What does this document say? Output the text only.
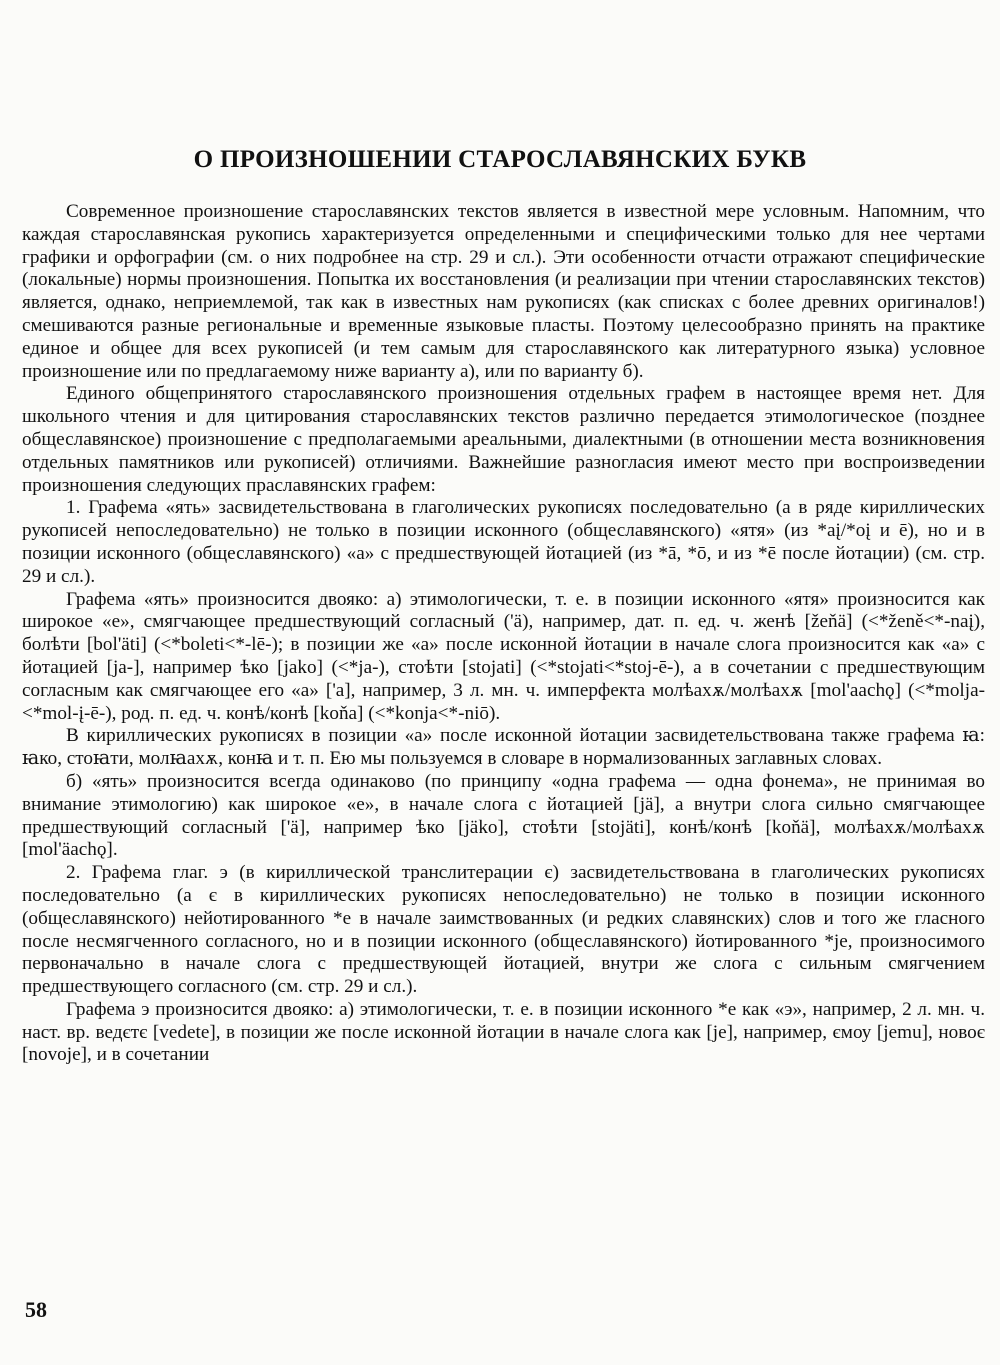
О ПРОИЗНОШЕНИИ СТАРОСЛАВЯНСКИХ БУКВ

Современное произношение старославянских текстов является в известной мере условным. Напомним, что каждая старославянская рукопись характеризуется определенными и специфическими только для нее чертами графики и орфографии (см. о них подробнее на стр. 29 и сл.). Эти особенности отчасти отражают специфические (локальные) нормы произношения. Попытка их восстановления (и реализации при чтении старославянских текстов) является, однако, неприемлемой, так как в известных нам рукописях (как списках с более древних оригиналов!) смешиваются разные региональные и временные языковые пласты. Поэтому целесообразно принять на практике единое и общее для всех рукописей (и тем самым для старославянского как литературного языка) условное произношение или по предлагаемому ниже варианту а), или по варианту б).

Единого общепринятого старославянского произношения отдельных графем в настоящее время нет. Для школьного чтения и для цитирования старославянских текстов различно передается этимологическое (позднее общеславянское) произношение с предполагаемыми ареальными, диалектными (в отношении места возникновения отдельных памятников или рукописей) отличиями. Важнейшие разногласия имеют место при воспроизведении произношения следующих праславянских графем:

1. Графема «ять» засвидетельствована в глаголических рукописях последовательно (а в ряде кириллических рукописей непоследовательно) не только в позиции исконного (общеславянского) «ятя» (из *aį/*oį и ē), но и в позиции исконного (общеславянского) «а» с предшествующей йотацией (из *ā, *ō, и из *ē после йотации) (см. стр. 29 и сл.).

Графема «ять» произносится двояко: а) этимологически, т. е. в позиции исконного «ятя» произносится как широкое «е», смягчающее предшествующий согласный ('ä), например, дат. п. ед. ч. женѣ [žeňä] (<*ženě<*-naį), болѣти [bol'äti] (<*boleti<*-lē-); в позиции же «а» после исконной йотации в начале слога произносится как «а» с йотацией [ja-], например ѣко [jako] (<*ja-), стоѣти [stojati] (<*stojati<*stoj-ē-), а в сочетании с предшествующим согласным как смягчающее его «а» ['а], например, 3 л. мн. ч. имперфекта молѣахѫ/молѣахѫ [mol'aachǫ] (<*molja-<*mol-į-ē-), род. п. ед. ч. конѣ/конѣ [koňa] (<*konja<*-niō).

В кириллических рукописях в позиции «а» после исконной йотации засвидетельствована также графема ꙗ: ꙗко, стоꙗти, молꙗахѫ, конꙗ и т. п. Ею мы пользуемся в словаре в нормализованных заглавных словах.

б) «ять» произносится всегда одинаково (по принципу «одна графема — одна фонема», не принимая во внимание этимологию) как широкое «е», в начале слога с йотацией [jä], а внутри слога сильно смягчающее предшествующий согласный ['ä], например ѣко [jäko], стоѣти [stojäti], конѣ/конѣ [koňä], молѣахѫ/молѣахѫ [mol'äachǫ].

2. Графема глаг. э (в кириллической транслитерации є) засвидетельствована в глаголических рукописях последовательно (а є в кириллических рукописях непоследовательно) не только в позиции исконного (общеславянского) нейотированного *е в начале заимствованных (и редких славянских) слов и того же гласного после несмягченного согласного, но и в позиции исконного (общеславянского) йотированного *je, произносимого первоначально в начале слога с предшествующей йотацией, внутри же слога с сильным смягчением предшествующего согласного (см. стр. 29 и сл.).

Графема э произносится двояко: а) этимологически, т. е. в позиции исконного *е как «э», например, 2 л. мн. ч. наст. вр. ведєтє [vedete], в позиции же после исконной йотации в начале слога как [je], например, ємоу [jemu], новоє [novoje], и в сочетании

58
